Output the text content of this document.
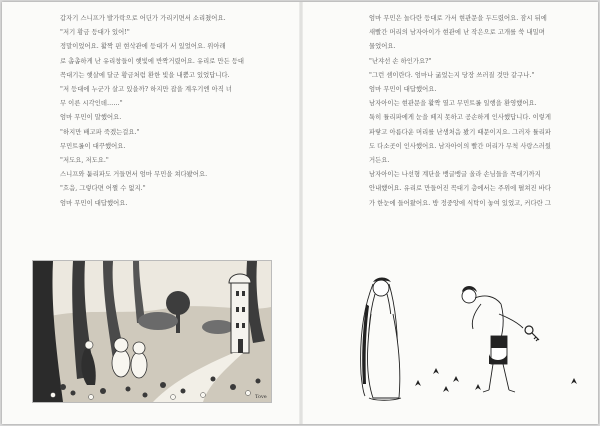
갑자기 스니프가 발가락으로 어딘가 가리키면서 소리쳤어요.
"저기 황금 등대가 있어!"
정말이었어요. 활짝 핀 현삭관에 등대가 서 있었어요. 위아래
로 촘촘하게 난 유리창들이 햇빛에 반짝거렸어요. 유리로 만든 등대
꼭대기는 햇살에 달군 황금처럼 환한 빛을 내뿜고 있었답니다.
"저 등대에 누군가 살고 있을까? 하지만 잡을 계우기엔 아직 너
무 이른 시각인데……"
엄마 무민이 말했어요.
"하지만 배고파 죽겠는걸요."
무민트롤이 대꾸했어요.
"저도요, 저도요."
스니프와 퉅리파도 거들면서 엄마 무민을 쳐다봤어요.
"흐음, 그렇다면 어쩔 수 없지."
엄마 무민이 대답했어요.
Tove
엄마 무민은 놀다란 등대로 가서 현관문을 두드렸어요. 잠시 뒤에
새빨간 머리의 남자아이가 현관에 난 작은으로 고개를 쑥 내밀며
물었어요.
"난쟈선 손 하인가요?"
"그런 셈이란다. 엄마나 굶었는지 당장 쓰러질 것만 같구나."
엄마 무민이 대답했어요.
남자아이는 현관문을 활짝 열고 무민트롤 일행을 환영했어요.
툭히 튤리파에게 눈을 떼지 못하고 공손하게 인사했답니다. 이렇게
파랗고 아름다운 머리를 난생처음 봤기 때문이지요. 그러자 튤리파
도 다소곳이 인사했어요. 남자아이의 빨간 머리가 무척 사랑스러웠
거든요.
남자아이는 나선형 계단을 뱅글뱅글 올라 손님들을 꼭대기까지
안내했어요. 유리로 만들어진 꼭대기 층에서는 주위에 펼쳐진 바다
가 한눈에 들어왔어요. 방 정중앙에 식탁이 놓여 있었고, 커다란 그
